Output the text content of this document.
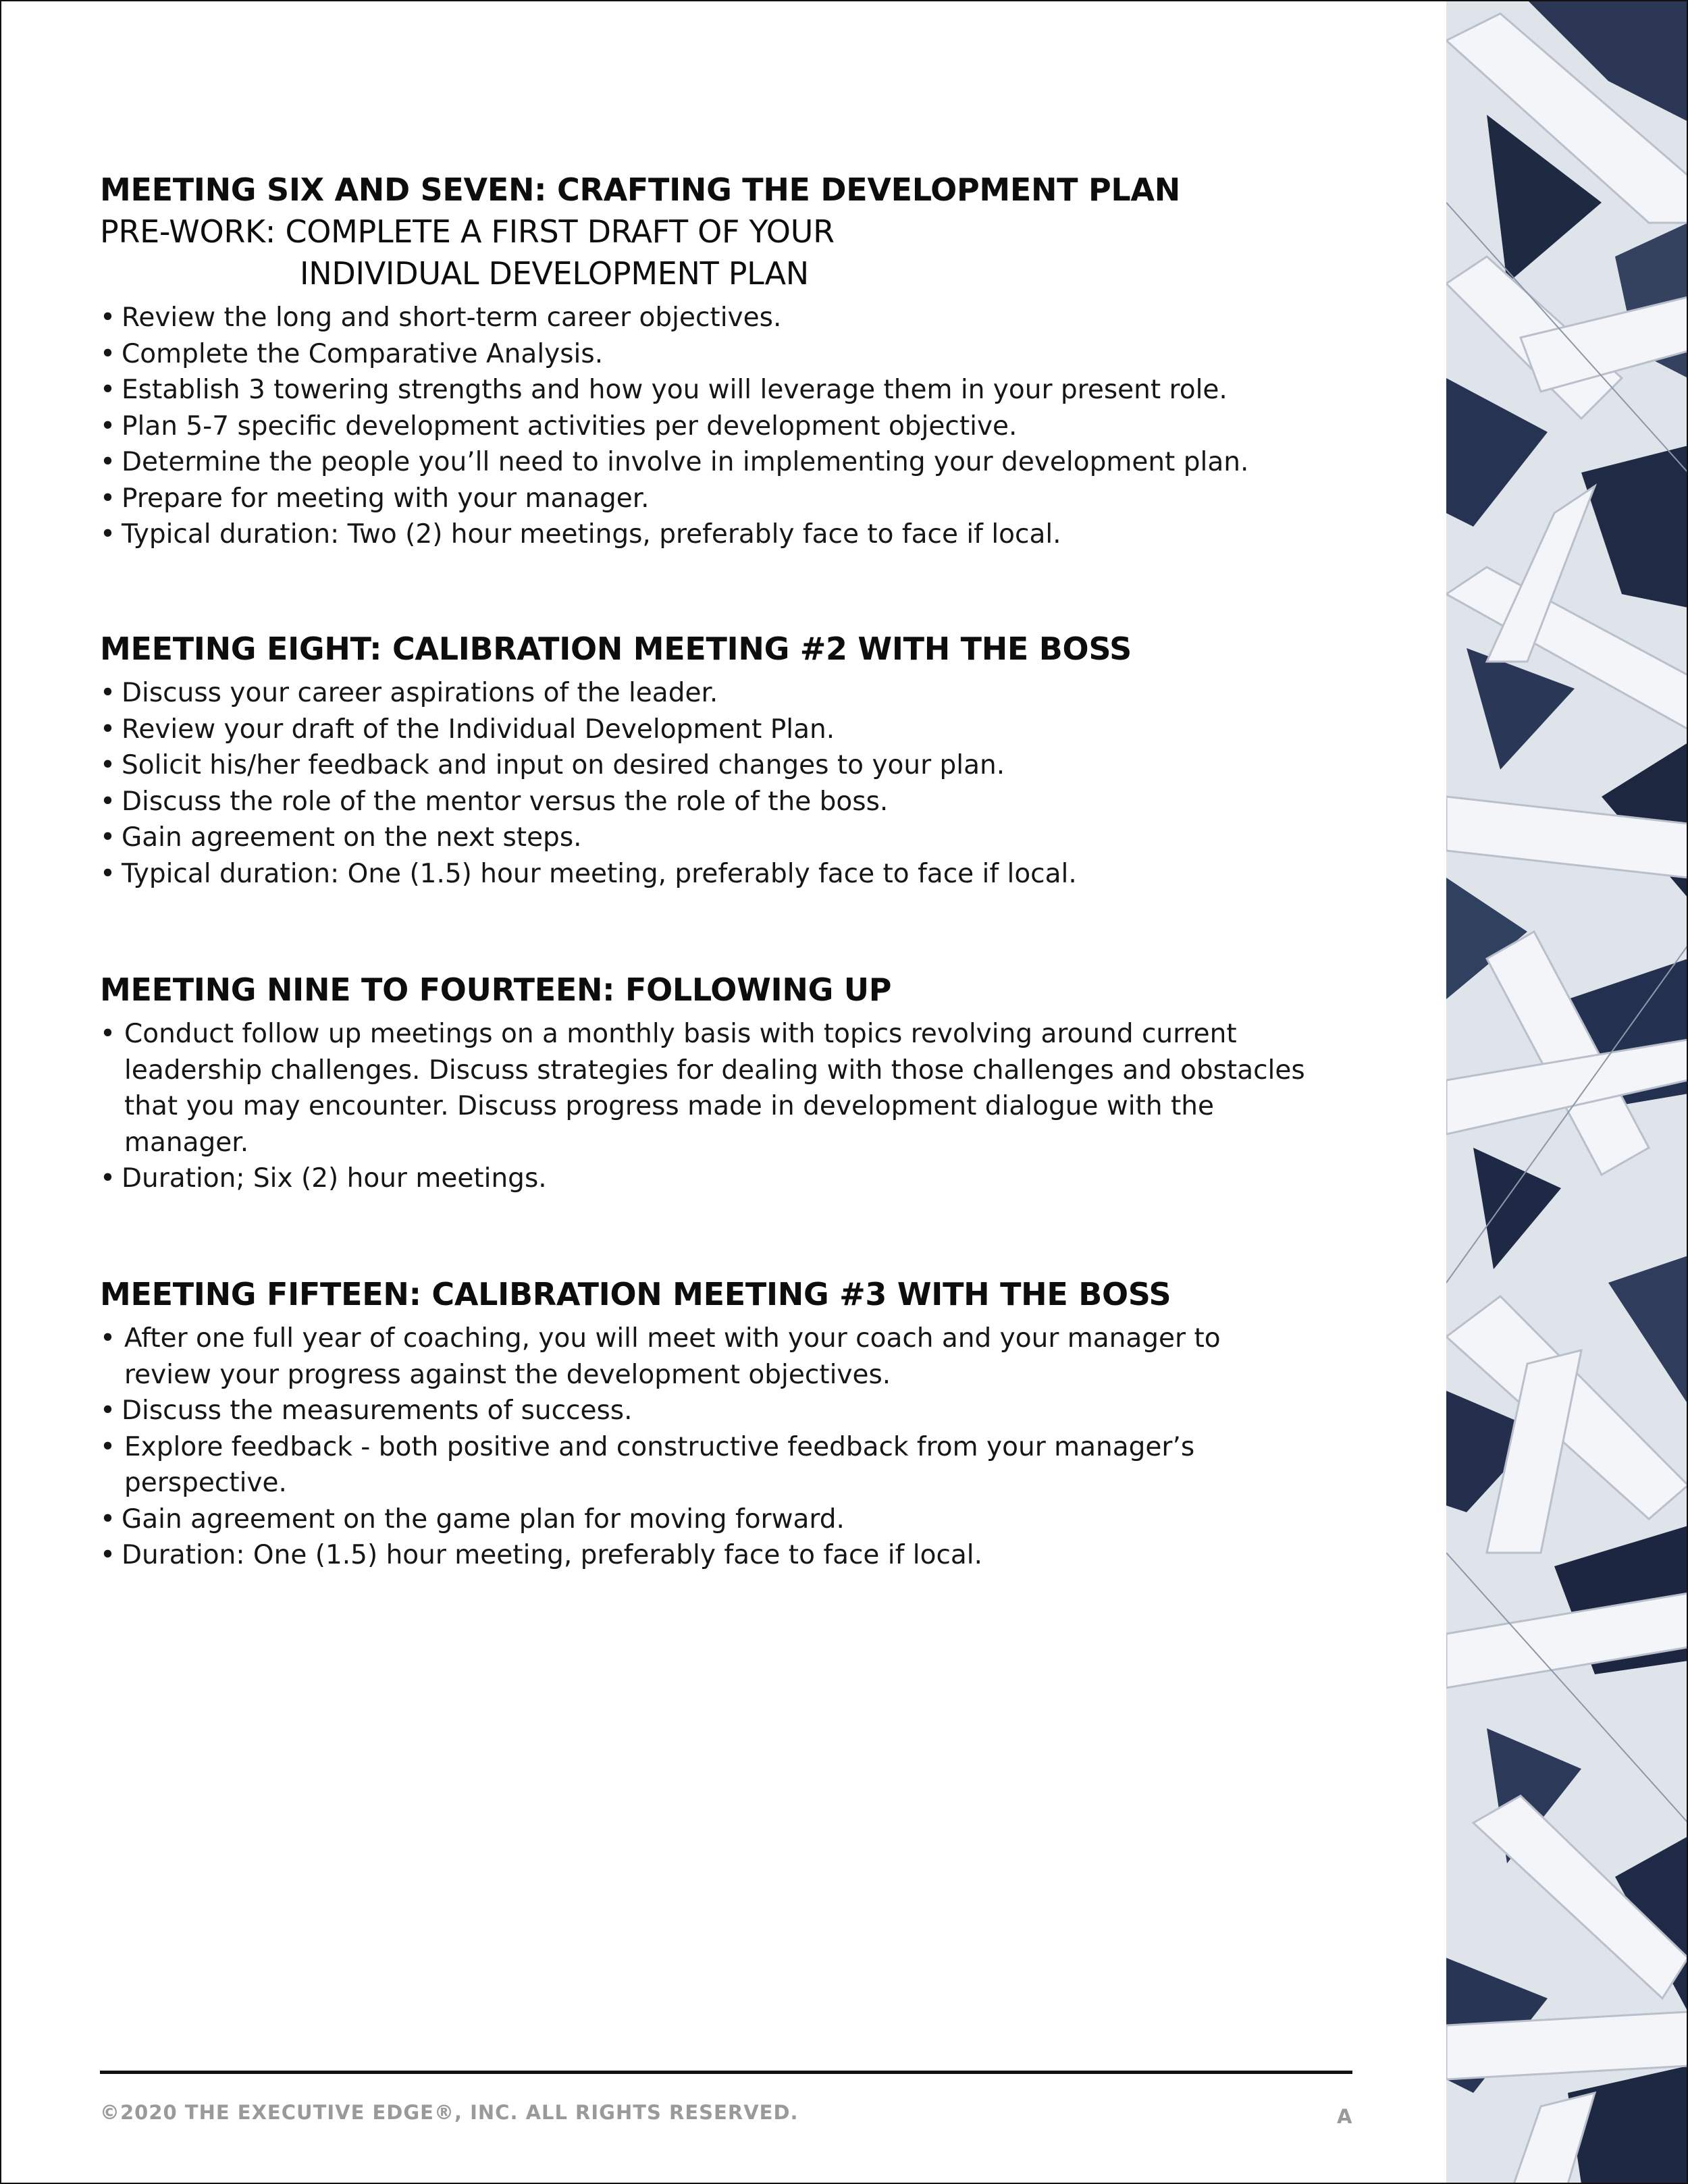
MEETING SIX AND SEVEN: CRAFTING THE DEVELOPMENT PLAN
PRE-WORK: COMPLETE A FIRST DRAFT OF YOUR
INDIVIDUAL DEVELOPMENT PLAN
• Review the long and short-term career objectives.
• Complete the Comparative Analysis.
• Establish 3 towering strengths and how you will leverage them in your present role.
• Plan 5-7 specific development activities per development objective.
• Determine the people you’ll need to involve in implementing your development plan.
• Prepare for meeting with your manager.
• Typical duration: Two (2) hour meetings, preferably face to face if local.
MEETING EIGHT: CALIBRATION MEETING #2 WITH THE BOSS
• Discuss your career aspirations of the leader.
• Review your draft of the Individual Development Plan.
• Solicit his/her feedback and input on desired changes to your plan.
• Discuss the role of the mentor versus the role of the boss.
• Gain agreement on the next steps.
• Typical duration: One (1.5) hour meeting, preferably face to face if local.
MEETING NINE TO FOURTEEN: FOLLOWING UP
• Conduct follow up meetings on a monthly basis with topics revolving around current leadership challenges. Discuss strategies for dealing with those challenges and obstacles that you may encounter. Discuss progress made in development dialogue with the manager.
• Duration; Six (2) hour meetings.
MEETING FIFTEEN: CALIBRATION MEETING #3 WITH THE BOSS
• After one full year of coaching, you will meet with your coach and your manager to review your progress against the development objectives.
• Discuss the measurements of success.
• Explore feedback - both positive and constructive feedback from your manager’s perspective.
• Gain agreement on the game plan for moving forward.
• Duration: One (1.5) hour meeting, preferably face to face if local.
©2020 THE EXECUTIVE EDGE®, INC. ALL RIGHTS RESERVED.	A
